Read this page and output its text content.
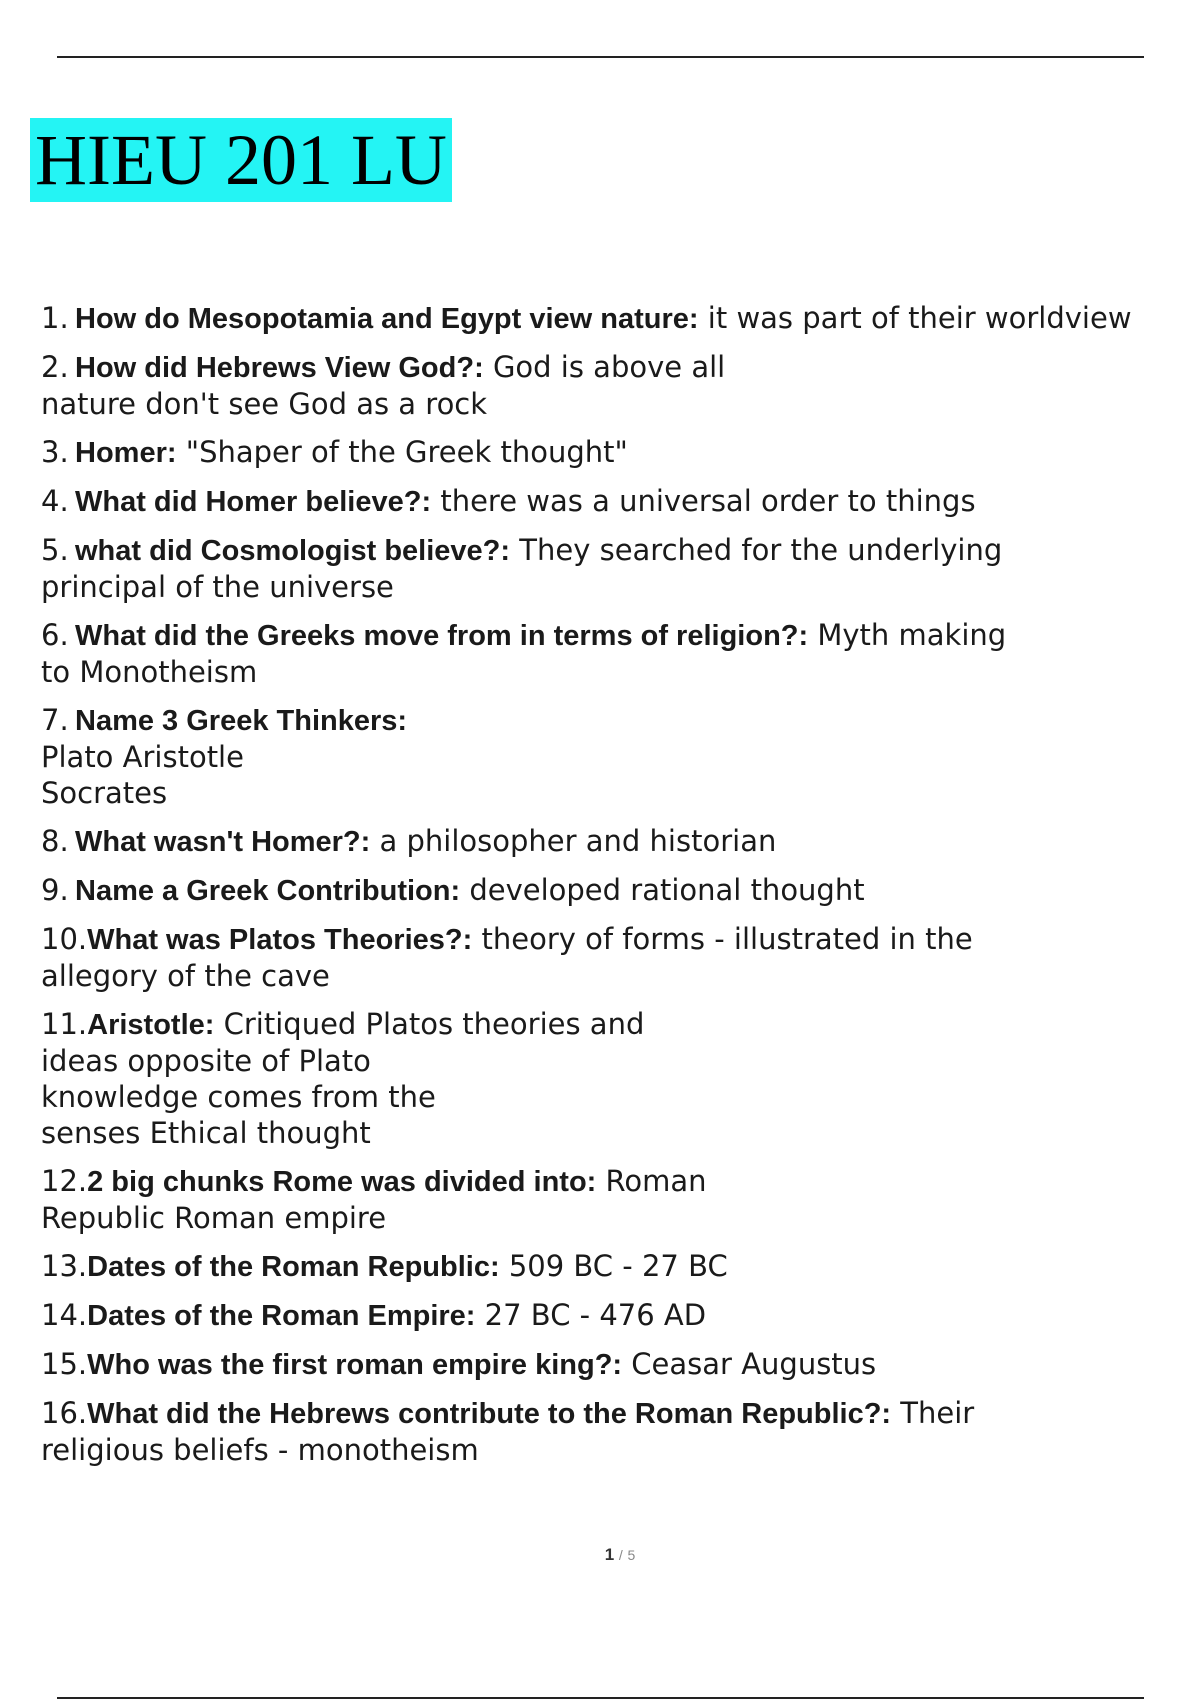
HIEU 201 LU
1. How do Mesopotamia and Egypt view nature: it was part of their worldview
2. How did Hebrews View God?: God is above all
nature don't see God as a rock
3. Homer: "Shaper of the Greek thought"
4. What did Homer believe?: there was a universal order to things
5. what did Cosmologist believe?: They searched for the underlying
principal of the universe
6. What did the Greeks move from in terms of religion?: Myth making
to Monotheism
7. Name 3 Greek Thinkers:
Plato Aristotle
Socrates
8. What wasn't Homer?: a philosopher and historian
9. Name a Greek Contribution: developed rational thought
10.What was Platos Theories?: theory of forms - illustrated in the
allegory of the cave
11.Aristotle: Critiqued Platos theories and
ideas opposite of Plato
knowledge comes from the
senses Ethical thought
12.2 big chunks Rome was divided into: Roman
Republic Roman empire
13.Dates of the Roman Republic: 509 BC - 27 BC
14.Dates of the Roman Empire: 27 BC - 476 AD
15.Who was the first roman empire king?: Ceasar Augustus
16.What did the Hebrews contribute to the Roman Republic?: Their
religious beliefs - monotheism
1 / 5
